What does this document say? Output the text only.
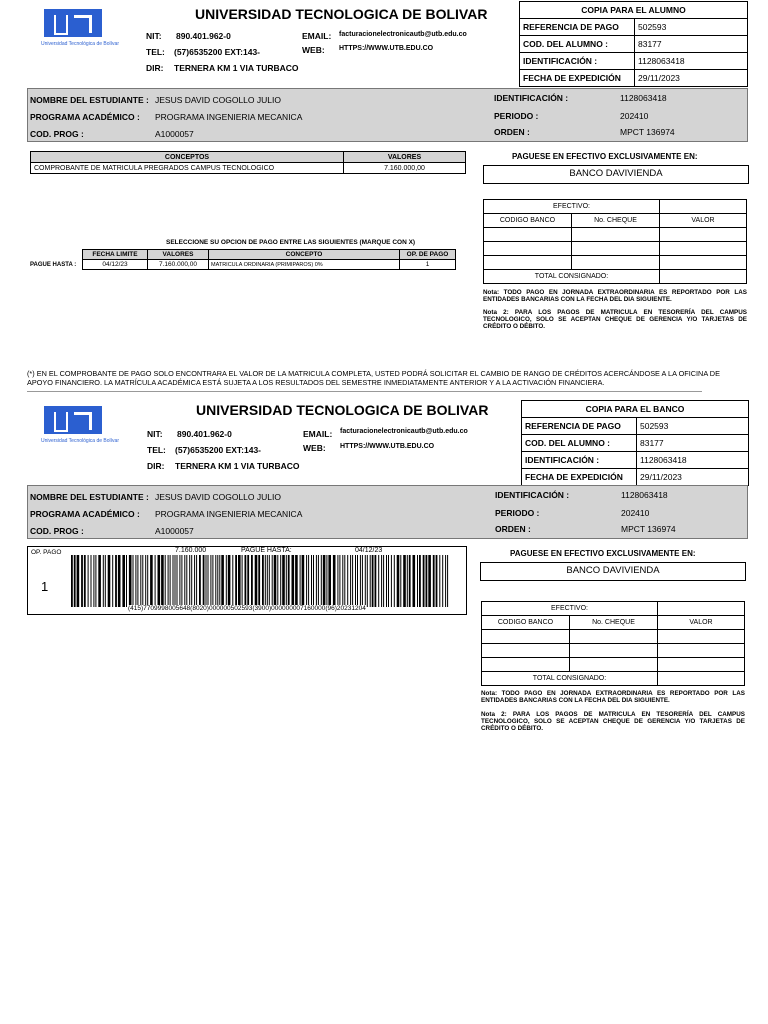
Universidad Tecnológica de Bolívar
UNIVERSIDAD TECNOLOGICA DE BOLIVAR
NIT: 890.401.962-0
TEL: (57)6535200 EXT:143-
DIR: TERNERA KM 1 VIA TURBACO
EMAIL: facturacionelectronicautb@utb.edu.co
WEB: HTTPS://WWW.UTB.EDU.CO
COPIA PARA EL ALUMNO	
REFERENCIA DE PAGO	502593
COD. DEL ALUMNO :	83177
IDENTIFICACIÓN :	1128063418
FECHA DE EXPEDICIÓN	29/11/2023
NOMBRE DEL ESTUDIANTE : JESUS DAVID COGOLLO JULIO
PROGRAMA ACADÉMICO : PROGRAMA INGENIERIA MECANICA
COD. PROG :	A1000057
IDENTIFICACIÓN :	1128063418
PERIODO :	202410
ORDEN :	MPCT 136974
CONCEPTOS	VALORES
COMPROBANTE DE MATRICULA PREGRADOS CAMPUS TECNOLOGICO	7.160.000,00
SELECCIONE SU OPCION DE PAGO ENTRE LAS SIGUIENTES (MARQUE CON X)
PAGUE HASTA :
FECHA LIMITE	VALORES	CONCEPTO	OP. DE PAGO
04/12/23	7.160.000,00	MATRICULA ORDINARIA (PRIMIPAROS) 0%	1
PAGUESE EN EFECTIVO EXCLUSIVAMENTE EN:
BANCO DAVIVIENDA
EFECTIVO:		
CODIGO BANCO	No. CHEQUE	VALOR

TOTAL CONSIGNADO:		
Nota: TODO PAGO EN JORNADA EXTRAORDINARIA ES REPORTADO POR LAS ENTIDADES BANCARIAS CON LA FECHA DEL DIA SIGUIENTE.
Nota 2: PARA LOS PAGOS DE MATRICULA EN TESORERÍA DEL CAMPUS TECNOLOGICO, SOLO SE ACEPTAN CHEQUE DE GERENCIA Y/O TARJETAS DE CRÉDITO O DÉBITO.
(*) EN EL COMPROBANTE DE PAGO SOLO ENCONTRARA EL VALOR DE LA MATRICULA COMPLETA, USTED PODRÁ SOLICITAR EL CAMBIO DE RANGO DE CRÉDITOS ACERCÁNDOSE A LA OFICINA DE APOYO FINANCIERO. LA MATRÍCULA ACADÉMICA ESTÁ SUJETA A LOS RESULTADOS DEL SEMESTRE INMEDIATAMENTE ANTERIOR Y A LA ACTIVACIÓN FINANCIERA.
Universidad Tecnológica de Bolívar
UNIVERSIDAD TECNOLOGICA DE BOLIVAR
NIT: 890.401.962-0
TEL: (57)6535200 EXT:143-
DIR: TERNERA KM 1 VIA TURBACO
EMAIL: facturacionelectronicautb@utb.edu.co
WEB: HTTPS://WWW.UTB.EDU.CO
COPIA PARA EL BANCO	
REFERENCIA DE PAGO	502593
COD. DEL ALUMNO :	83177
IDENTIFICACIÓN :	1128063418
FECHA DE EXPEDICIÓN	29/11/2023
NOMBRE DEL ESTUDIANTE : JESUS DAVID COGOLLO JULIO
PROGRAMA ACADÉMICO : PROGRAMA INGENIERIA MECANICA
COD. PROG :	A1000057
IDENTIFICACIÓN :	1128063418
PERIODO :	202410
ORDEN :	MPCT 136974
OP. PAGO
1
7.160.000	PAGUE HASTA:	04/12/23
(415)7709998005648(8020)000000502593(3900)000000007160000(96)20231204
PAGUESE EN EFECTIVO EXCLUSIVAMENTE EN:
BANCO DAVIVIENDA
EFECTIVO:		
CODIGO BANCO	No. CHEQUE	VALOR

TOTAL CONSIGNADO:		
Nota: TODO PAGO EN JORNADA EXTRAORDINARIA ES REPORTADO POR LAS ENTIDADES BANCARIAS CON LA FECHA DEL DIA SIGUIENTE.
Nota 2: PARA LOS PAGOS DE MATRICULA EN TESORERÍA DEL CAMPUS TECNOLOGICO, SOLO SE ACEPTAN CHEQUE DE GERENCIA Y/O TARJETAS DE CRÉDITO O DÉBITO.
